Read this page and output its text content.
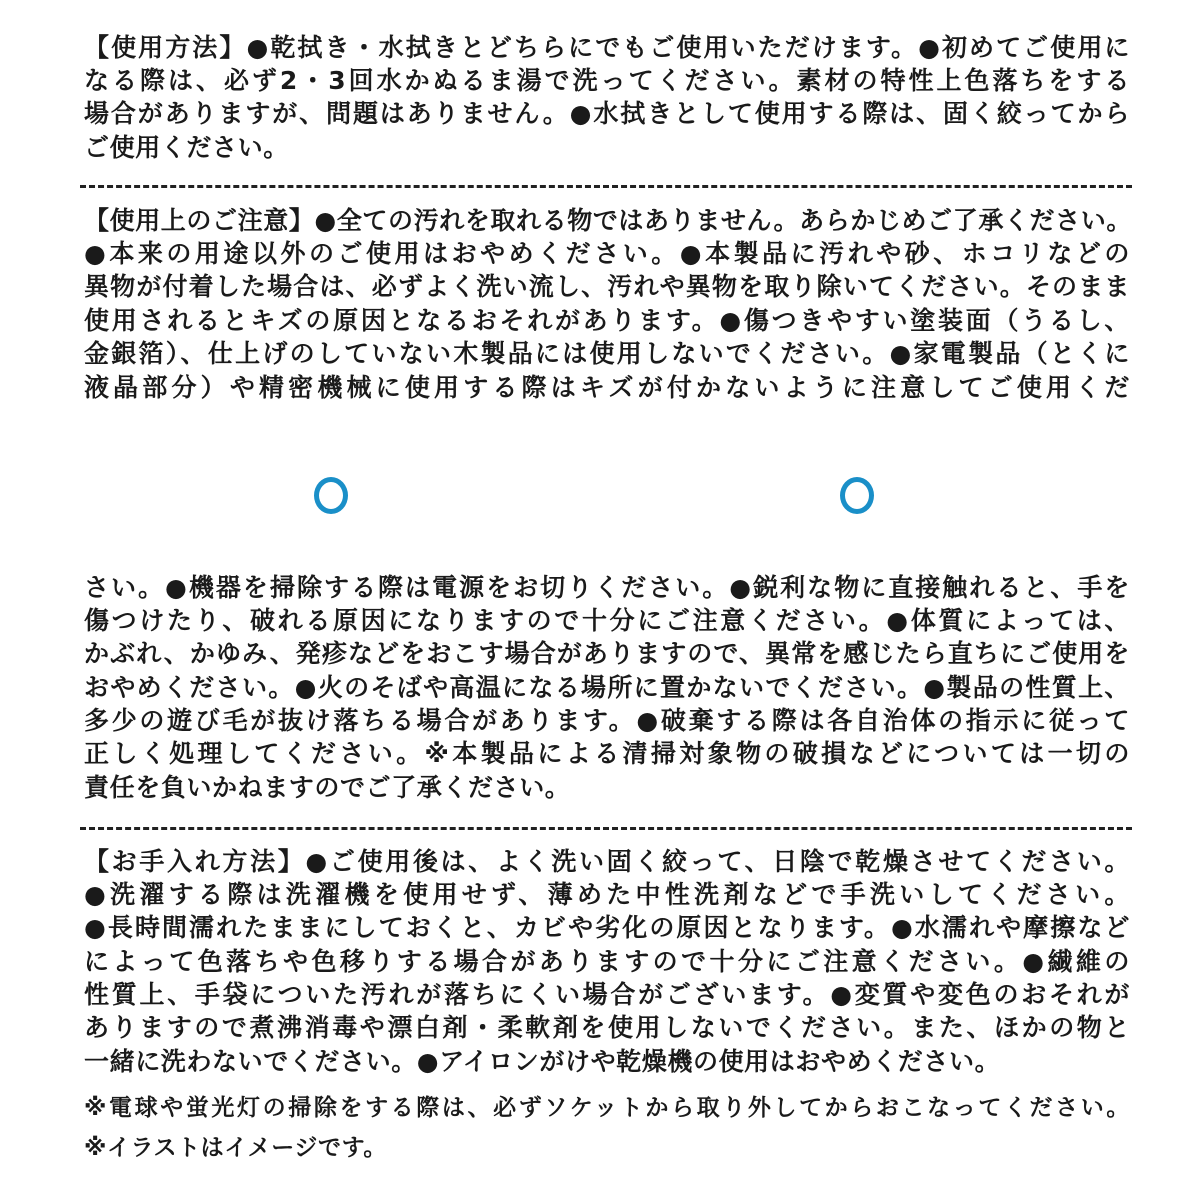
【使用方法】●乾拭き・水拭きとどちらにでもご使用いただけます。●初めてご使用に
なる際は、必ず2・3回水かぬるま湯で洗ってください。素材の特性上色落ちをする
場合がありますが、問題はありません。●水拭きとして使用する際は、固く絞ってから
ご使用ください。
【使用上のご注意】●全ての汚れを取れる物ではありません。あらかじめご了承ください。
●本来の用途以外のご使用はおやめください。●本製品に汚れや砂、ホコリなどの
異物が付着した場合は、必ずよく洗い流し、汚れや異物を取り除いてください。そのまま
使用されるとキズの原因となるおそれがあります。●傷つきやすい塗装面（うるし、
金銀箔）、仕上げのしていない木製品には使用しないでください。●家電製品（とくに
液晶部分）や精密機械に使用する際はキズが付かないように注意してご使用くだ
さい。●機器を掃除する際は電源をお切りください。●鋭利な物に直接触れると、手を
傷つけたり、破れる原因になりますので十分にご注意ください。●体質によっては、
かぶれ、かゆみ、発疹などをおこす場合がありますので、異常を感じたら直ちにご使用を
おやめください。●火のそばや高温になる場所に置かないでください。●製品の性質上、
多少の遊び毛が抜け落ちる場合があります。●破棄する際は各自治体の指示に従って
正しく処理してください。※本製品による清掃対象物の破損などについては一切の
責任を負いかねますのでご了承ください。
【お手入れ方法】●ご使用後は、よく洗い固く絞って、日陰で乾燥させてください。
●洗濯する際は洗濯機を使用せず、薄めた中性洗剤などで手洗いしてください。
●長時間濡れたままにしておくと、カビや劣化の原因となります。●水濡れや摩擦など
によって色落ちや色移りする場合がありますので十分にご注意ください。●繊維の
性質上、手袋についた汚れが落ちにくい場合がございます。●変質や変色のおそれが
ありますので煮沸消毒や漂白剤・柔軟剤を使用しないでください。また、ほかの物と
一緒に洗わないでください。●アイロンがけや乾燥機の使用はおやめください。
※電球や蛍光灯の掃除をする際は、必ずソケットから取り外してからおこなってください。
※イラストはイメージです。
